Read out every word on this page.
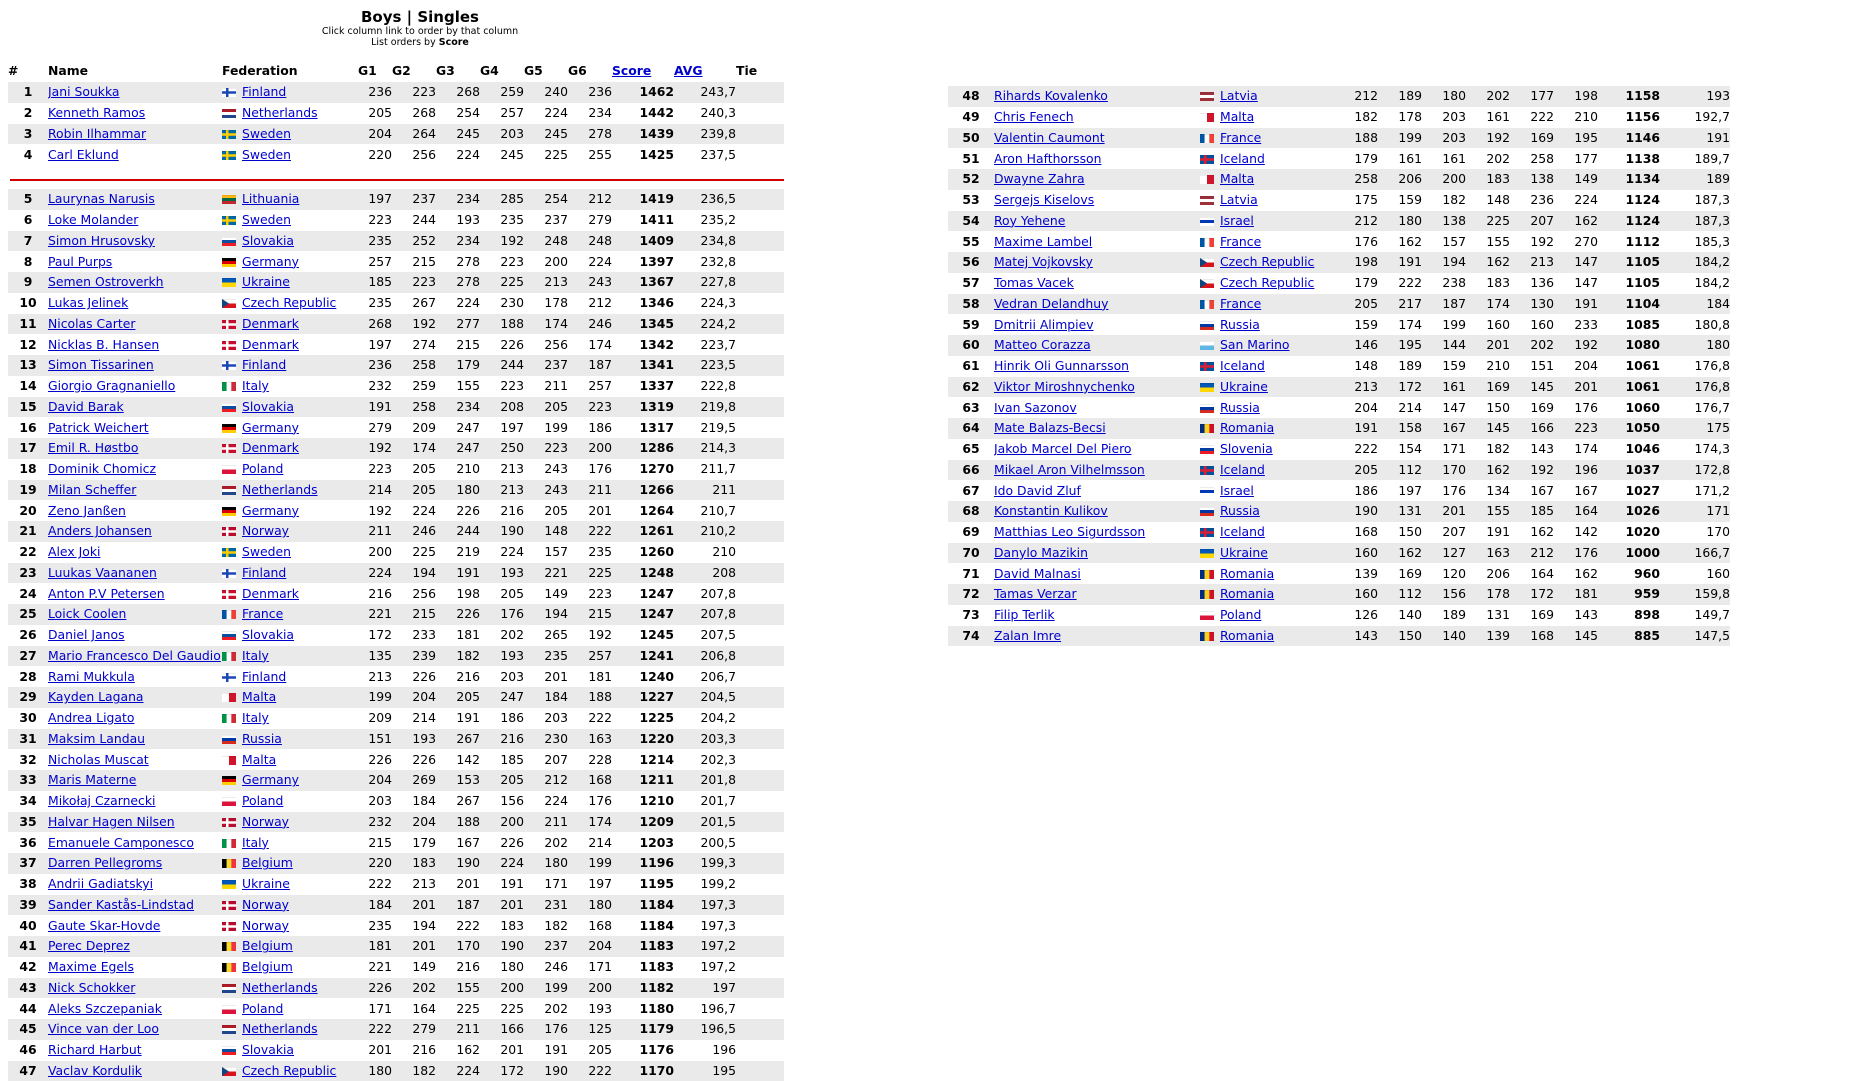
Boys | Singles
Click column link to order by that column
List orders by Score
#	Name	Federation	G1	G2	G3	G4	G5	G6	Score	AVG	Tie
1	Jani Soukka	Finland	236	223	268	259	240	236	1462	243,7	
2	Kenneth Ramos	Netherlands	205	268	254	257	224	234	1442	240,3	
3	Robin Ilhammar	Sweden	204	264	245	203	245	278	1439	239,8	
4	Carl Eklund	Sweden	220	256	224	245	225	255	1425	237,5	

5	Laurynas Narusis	Lithuania	197	237	234	285	254	212	1419	236,5	
6	Loke Molander	Sweden	223	244	193	235	237	279	1411	235,2	
7	Simon Hrusovsky	Slovakia	235	252	234	192	248	248	1409	234,8	
8	Paul Purps	Germany	257	215	278	223	200	224	1397	232,8	
9	Semen Ostroverkh	Ukraine	185	223	278	225	213	243	1367	227,8	
10	Lukas Jelinek	Czech Republic	235	267	224	230	178	212	1346	224,3	
11	Nicolas Carter	Denmark	268	192	277	188	174	246	1345	224,2	
12	Nicklas B. Hansen	Denmark	197	274	215	226	256	174	1342	223,7	
13	Simon Tissarinen	Finland	236	258	179	244	237	187	1341	223,5	
14	Giorgio Gragnaniello	Italy	232	259	155	223	211	257	1337	222,8	
15	David Barak	Slovakia	191	258	234	208	205	223	1319	219,8	
16	Patrick Weichert	Germany	279	209	247	197	199	186	1317	219,5	
17	Emil R. Høstbo	Denmark	192	174	247	250	223	200	1286	214,3	
18	Dominik Chomicz	Poland	223	205	210	213	243	176	1270	211,7	
19	Milan Scheffer	Netherlands	214	205	180	213	243	211	1266	211	
20	Zeno Janßen	Germany	192	224	226	216	205	201	1264	210,7	
21	Anders Johansen	Norway	211	246	244	190	148	222	1261	210,2	
22	Alex Joki	Sweden	200	225	219	224	157	235	1260	210	
23	Luukas Vaananen	Finland	224	194	191	193	221	225	1248	208	
24	Anton P.V Petersen	Denmark	216	256	198	205	149	223	1247	207,8	
25	Loick Coolen	France	221	215	226	176	194	215	1247	207,8	
26	Daniel Janos	Slovakia	172	233	181	202	265	192	1245	207,5	
27	Mario Francesco Del Gaudio	Italy	135	239	182	193	235	257	1241	206,8	
28	Rami Mukkula	Finland	213	226	216	203	201	181	1240	206,7	
29	Kayden Lagana	Malta	199	204	205	247	184	188	1227	204,5	
30	Andrea Ligato	Italy	209	214	191	186	203	222	1225	204,2	
31	Maksim Landau	Russia	151	193	267	216	230	163	1220	203,3	
32	Nicholas Muscat	Malta	226	226	142	185	207	228	1214	202,3	
33	Maris Materne	Germany	204	269	153	205	212	168	1211	201,8	
34	Mikołaj Czarnecki	Poland	203	184	267	156	224	176	1210	201,7	
35	Halvar Hagen Nilsen	Norway	232	204	188	200	211	174	1209	201,5	
36	Emanuele Camponesco	Italy	215	179	167	226	202	214	1203	200,5	
37	Darren Pellegroms	Belgium	220	183	190	224	180	199	1196	199,3	
38	Andrii Gadiatskyi	Ukraine	222	213	201	191	171	197	1195	199,2	
39	Sander Kastås-Lindstad	Norway	184	201	187	201	231	180	1184	197,3	
40	Gaute Skar-Hovde	Norway	235	194	222	183	182	168	1184	197,3	
41	Perec Deprez	Belgium	181	201	170	190	237	204	1183	197,2	
42	Maxime Egels	Belgium	221	149	216	180	246	171	1183	197,2	
43	Nick Schokker	Netherlands	226	202	155	200	199	200	1182	197	
44	Aleks Szczepaniak	Poland	171	164	225	225	202	193	1180	196,7	
45	Vince van der Loo	Netherlands	222	279	211	166	176	125	1179	196,5	
46	Richard Harbut	Slovakia	201	216	162	201	191	205	1176	196	
47	Vaclav Kordulik	Czech Republic	180	182	224	172	190	222	1170	195	
48	Rihards Kovalenko	Latvia	212	189	180	202	177	198	1158	193
49	Chris Fenech	Malta	182	178	203	161	222	210	1156	192,7
50	Valentin Caumont	France	188	199	203	192	169	195	1146	191
51	Aron Hafthorsson	Iceland	179	161	161	202	258	177	1138	189,7
52	Dwayne Zahra	Malta	258	206	200	183	138	149	1134	189
53	Sergejs Kiselovs	Latvia	175	159	182	148	236	224	1124	187,3
54	Roy Yehene	Israel	212	180	138	225	207	162	1124	187,3
55	Maxime Lambel	France	176	162	157	155	192	270	1112	185,3
56	Matej Vojkovsky	Czech Republic	198	191	194	162	213	147	1105	184,2
57	Tomas Vacek	Czech Republic	179	222	238	183	136	147	1105	184,2
58	Vedran Delandhuy	France	205	217	187	174	130	191	1104	184
59	Dmitrii Alimpiev	Russia	159	174	199	160	160	233	1085	180,8
60	Matteo Corazza	San Marino	146	195	144	201	202	192	1080	180
61	Hinrik Oli Gunnarsson	Iceland	148	189	159	210	151	204	1061	176,8
62	Viktor Miroshnychenko	Ukraine	213	172	161	169	145	201	1061	176,8
63	Ivan Sazonov	Russia	204	214	147	150	169	176	1060	176,7
64	Mate Balazs-Becsi	Romania	191	158	167	145	166	223	1050	175
65	Jakob Marcel Del Piero	Slovenia	222	154	171	182	143	174	1046	174,3
66	Mikael Aron Vilhelmsson	Iceland	205	112	170	162	192	196	1037	172,8
67	Ido David Zluf	Israel	186	197	176	134	167	167	1027	171,2
68	Konstantin Kulikov	Russia	190	131	201	155	185	164	1026	171
69	Matthias Leo Sigurdsson	Iceland	168	150	207	191	162	142	1020	170
70	Danylo Mazikin	Ukraine	160	162	127	163	212	176	1000	166,7
71	David Malnasi	Romania	139	169	120	206	164	162	960	160
72	Tamas Verzar	Romania	160	112	156	178	172	181	959	159,8
73	Filip Terlik	Poland	126	140	189	131	169	143	898	149,7
74	Zalan Imre	Romania	143	150	140	139	168	145	885	147,5
